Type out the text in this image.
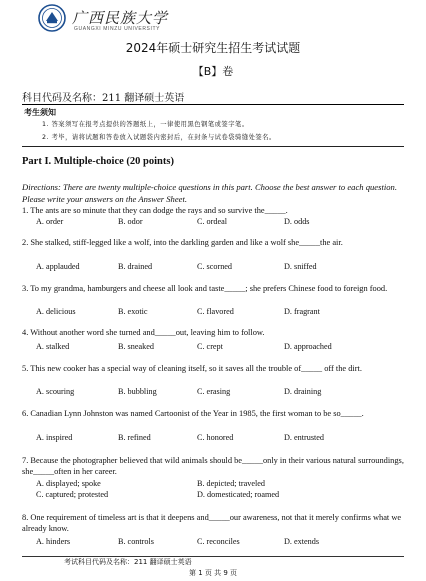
广西民族大学
GUANGXI MINZU UNIVERSITY
2024年硕士研究生招生考试试题
【B】卷
科目代码及名称：211 翻译硕士英语
考生须知
1. 答案须写在报考点提供的答题纸上，一律使用黑色钢笔或签字笔。
2. 考毕，请将试题和答卷放入试题袋内密封后，在封条与试卷袋骑缝处签名。
Part I. Multiple-choice (20 points)
Directions: There are twenty multiple-choice questions in this part. Choose the best answer to each question. Please write your answers on the Answer Sheet.
1. The ants are so minute that they can dodge the rays and so survive the_____.
A. order	B. odor	C. ordeal	D. odds
2. She stalked, stiff-legged like a wolf, into the darkling garden and like a wolf she_____the air.
A. applauded	B. drained	C. scorned	D. sniffed
3. To my grandma, hamburgers and cheese all look and taste_____; she prefers Chinese food to foreign food.
A. delicious	B. exotic	C. flavored	D. fragrant
4. Without another word she turned and_____out, leaving him to follow.
A. stalked	B. sneaked	C. crept	D. approached
5. This new cooker has a special way of cleaning itself, so it saves all the trouble of_____ off the dirt.
A. scouring	B. bubbling	C. erasing	D. draining
6. Canadian Lynn Johnston was named Cartoonist of the Year in 1985, the first woman to be so_____.
A. inspired	B. refined	C. honored	D. entrusted
7. Because the photographer believed that wild animals should be_____only in their various natural surroundings, she_____often in her career.
A. displayed; spoke	B. depicted; traveled
C. captured; protested	D. domesticated; roamed
8. One requirement of timeless art is that it deepens and_____our awareness, not that it merely confirms what we already know.
A. hinders	B. controls	C. reconciles	D. extends
考试科目代码及名称：211 翻译硕士英语
第 1 页 共 9 页
